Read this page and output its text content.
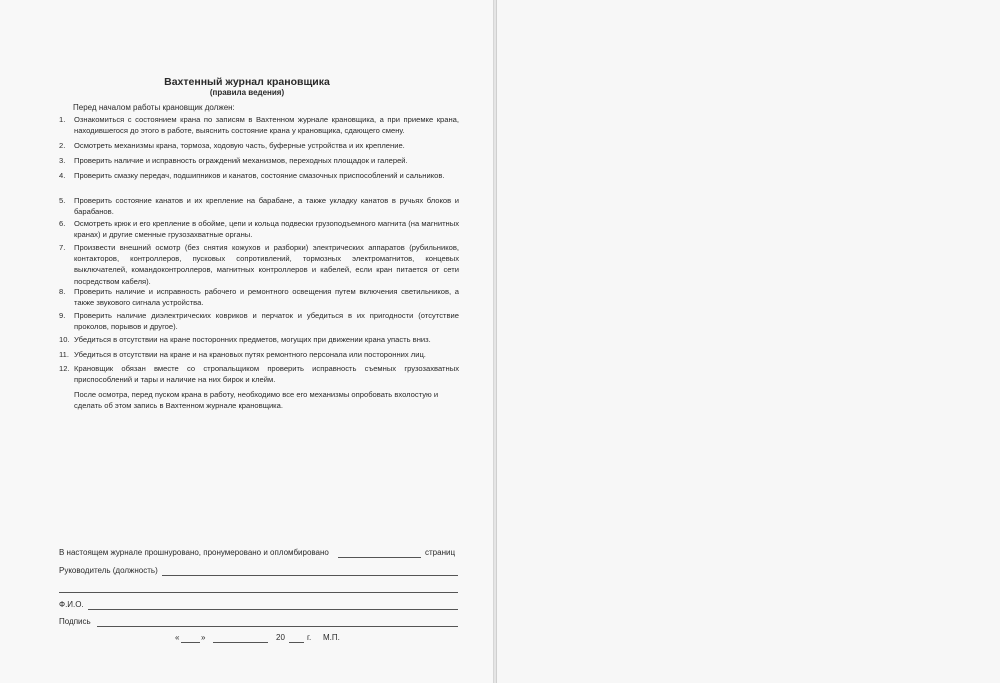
Вахтенный журнал крановщика
(правила ведения)
Перед началом работы крановщик должен:
1.	Ознакомиться с состоянием крана по записям в Вахтенном журнале крановщика, а при приемке крана, находившегося до этого в работе, выяснить состояние крана у крановщика, сдающего смену.
2.	Осмотреть механизмы крана, тормоза, ходовую часть, буферные устройства и их крепление.
3.	Проверить наличие и исправность ограждений механизмов, переходных площадок и галерей.
4.	Проверить смазку передач, подшипников и канатов, состояние смазочных приспособлений и сальников.
5.	Проверить состояние канатов и их крепление на барабане, а также укладку канатов в ручьях блоков и барабанов.
6.	Осмотреть крюк и его крепление в обойме, цепи и кольца подвески грузоподъемного магнита (на магнитных кранах) и другие сменные грузозахватные органы.
7.	Произвести внешний осмотр (без снятия кожухов и разборки) электрических аппаратов (рубильников, контакторов, контроллеров, пусковых сопротивлений, тормозных электромагнитов, концевых выключателей, командоконтроллеров, магнитных контроллеров и кабелей, если кран питается от сети посредством кабеля).
8.	Проверить наличие и исправность рабочего и ремонтного освещения путем включения светильников, а также звукового сигнала устройства.
9.	Проверить наличие диэлектрических ковриков и перчаток и убедиться в их пригодности (отсутствие проколов, порывов и другое).
10. Убедиться в отсутствии на кране посторонних предметов, могущих при движении крана упасть вниз.
11. Убедиться в отсутствии на кране и на крановых путях ремонтного персонала или посторонних лиц.
12. Крановщик обязан вместе со стропальщиком проверить исправность съемных грузозахватных приспособлений и тары и наличие на них бирок и клейм.
После осмотра, перед пуском крана в работу, необходимо все его механизмы опробовать вхолостую и сделать об этом запись в Вахтенном журнале крановщика.
В настоящем журнале прошнуровано, пронумеровано и опломбировано	страниц
Руководитель (должность)
Ф.И.О.
Подпись
«	»	20	г. М.П.
